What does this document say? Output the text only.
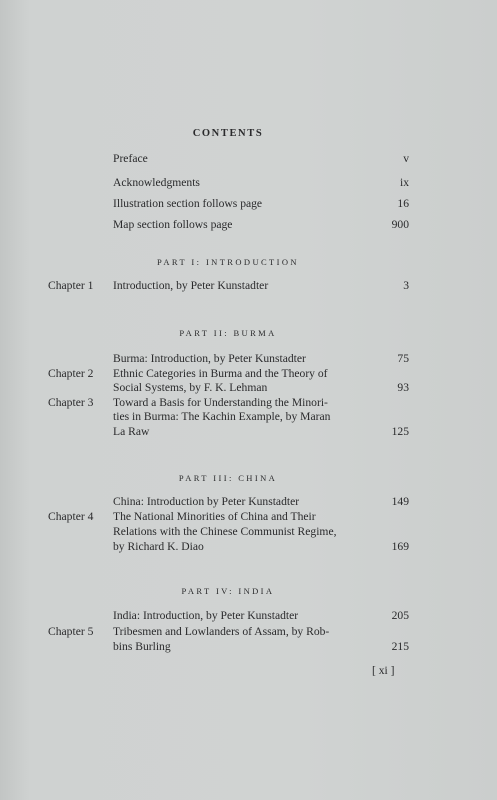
CONTENTS
Preface	v
Acknowledgments	ix
Illustration section follows page	16
Map section follows page	900
PART I: INTRODUCTION
Chapter 1 Introduction, by Peter Kunstadter	3
PART II: BURMA
Burma: Introduction, by Peter Kunstadter	75
Chapter 2 Ethnic Categories in Burma and the Theory of
Social Systems, by F. K. Lehman	93
Chapter 3 Toward a Basis for Understanding the Minori-
ties in Burma: The Kachin Example, by Maran
La Raw	125
PART III: CHINA
China: Introduction by Peter Kunstadter	149
Chapter 4 The National Minorities of China and Their
Relations with the Chinese Communist Regime,
by Richard K. Diao	169
PART IV: INDIA
India: Introduction, by Peter Kunstadter	205
Chapter 5 Tribesmen and Lowlanders of Assam, by Rob-
bins Burling	215
[ xi ]
